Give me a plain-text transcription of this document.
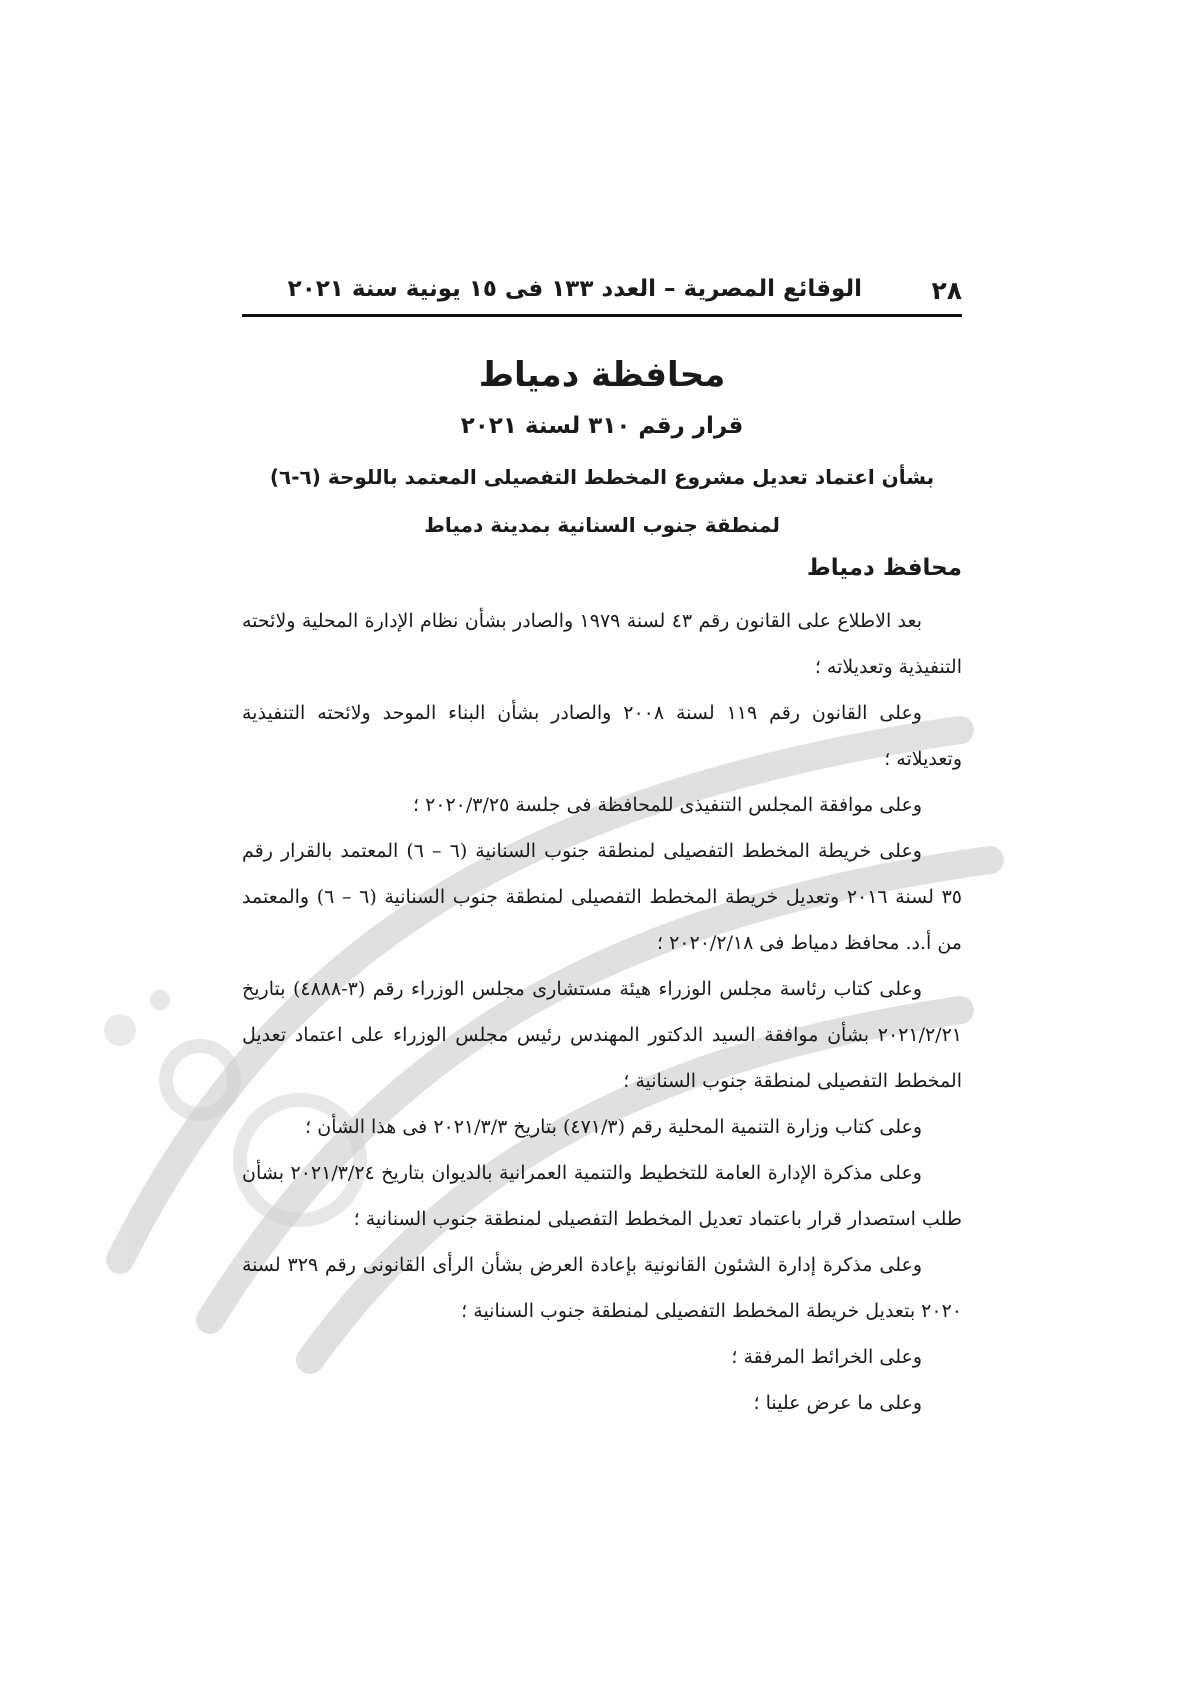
٢٨
الوقائع المصرية – العدد ١٣٣ فى ١٥ يونية سنة ٢٠٢١
محافظة دمياط
قرار رقم ٣١٠ لسنة ٢٠٢١

بشأن اعتماد تعديل مشروع المخطط التفصيلى المعتمد باللوحة (٦-٦)

لمنطقة جنوب السنانية بمدينة دمياط

محافظ دمياط

بعد الاطلاع على القانون رقم ٤٣ لسنة ١٩٧٩ والصادر بشأن نظام الإدارة المحلية ولائحته التنفيذية وتعديلاته ؛

وعلى القانون رقم ١١٩ لسنة ٢٠٠٨ والصادر بشأن البناء الموحد ولائحته التنفيذية وتعديلاته ؛

وعلى موافقة المجلس التنفيذى للمحافظة فى جلسة ٢٠٢٠/٣/٢٥ ؛

وعلى خريطة المخطط التفصيلى لمنطقة جنوب السنانية (٦ – ٦) المعتمد بالقرار رقم ٣٥ لسنة ٢٠١٦ وتعديل خريطة المخطط التفصيلى لمنطقة جنوب السنانية (٦ – ٦) والمعتمد من أ.د. محافظ دمياط فى ٢٠٢٠/٢/١٨ ؛

وعلى كتاب رئاسة مجلس الوزراء هيئة مستشارى مجلس الوزراء رقم (٣-٤٨٨٨) بتاريخ ٢٠٢١/٢/٢١ بشأن موافقة السيد الدكتور المهندس رئيس مجلس الوزراء على اعتماد تعديل المخطط التفصيلى لمنطقة جنوب السنانية ؛

وعلى كتاب وزارة التنمية المحلية رقم (٤٧١/٣) بتاريخ ٢٠٢١/٣/٣ فى هذا الشأن ؛

وعلى مذكرة الإدارة العامة للتخطيط والتنمية العمرانية بالديوان بتاريخ ٢٠٢١/٣/٢٤ بشأن طلب استصدار قرار باعتماد تعديل المخطط التفصيلى لمنطقة جنوب السنانية ؛

وعلى مذكرة إدارة الشئون القانونية بإعادة العرض بشأن الرأى القانونى رقم ٣٢٩ لسنة ٢٠٢٠ بتعديل خريطة المخطط التفصيلى لمنطقة جنوب السنانية ؛

وعلى الخرائط المرفقة ؛

وعلى ما عرض علينا ؛
